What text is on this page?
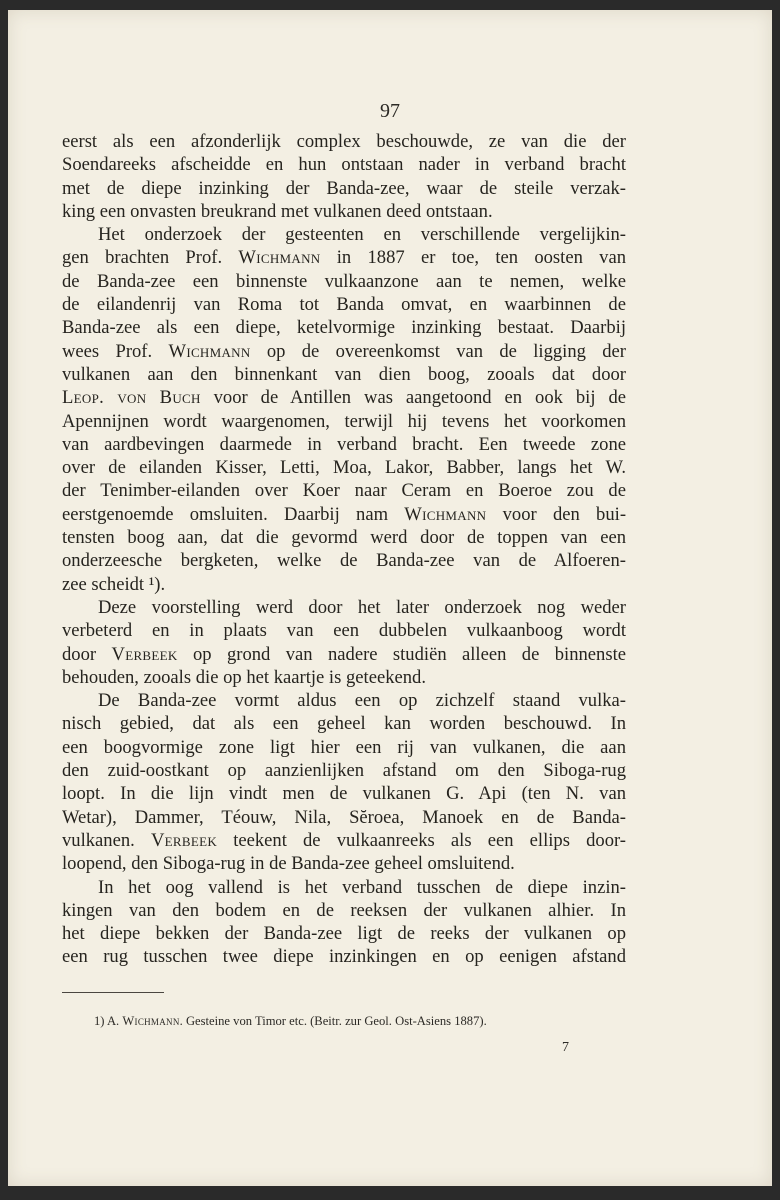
97

eerst als een afzonderlijk complex beschouwde, ze van die der
Soendareeks afscheidde en hun ontstaan nader in verband bracht
met de diepe inzinking der Banda-zee, waar de steile verzak-
king een onvasten breukrand met vulkanen deed ontstaan.

Het onderzoek der gesteenten en verschillende vergelijkin-
gen brachten Prof. Wichmann in 1887 er toe, ten oosten van
de Banda-zee een binnenste vulkaanzone aan te nemen, welke
de eilandenrij van Roma tot Banda omvat, en waarbinnen de
Banda-zee als een diepe, ketelvormige inzinking bestaat. Daarbij
wees Prof. Wichmann op de overeenkomst van de ligging der
vulkanen aan den binnenkant van dien boog, zooals dat door
Leop. von Buch voor de Antillen was aangetoond en ook bij de
Apennijnen wordt waargenomen, terwijl hij tevens het voorkomen
van aardbevingen daarmede in verband bracht. Een tweede zone
over de eilanden Kisser, Letti, Moa, Lakor, Babber, langs het W.
der Tenimber-eilanden over Koer naar Ceram en Boeroe zou de
eerstgenoemde omsluiten. Daarbij nam Wichmann voor den bui-
tensten boog aan, dat die gevormd werd door de toppen van een
onderzeesche bergketen, welke de Banda-zee van de Alfoeren-
zee scheidt ¹).

Deze voorstelling werd door het later onderzoek nog weder
verbeterd en in plaats van een dubbelen vulkaanboog wordt
door Verbeek op grond van nadere studiën alleen de binnenste
behouden, zooals die op het kaartje is geteekend.

De Banda-zee vormt aldus een op zichzelf staand vulka-
nisch gebied, dat als een geheel kan worden beschouwd. In
een boogvormige zone ligt hier een rij van vulkanen, die aan
den zuid-oostkant op aanzienlijken afstand om den Siboga-rug
loopt. In die lijn vindt men de vulkanen G. Api (ten N. van
Wetar), Dammer, Téouw, Nila, Sĕroea, Manoek en de Banda-
vulkanen. Verbeek teekent de vulkaanreeks als een ellips door-
loopend, den Siboga-rug in de Banda-zee geheel omsluitend.

In het oog vallend is het verband tusschen de diepe inzin-
kingen van den bodem en de reeksen der vulkanen alhier. In
het diepe bekken der Banda-zee ligt de reeks der vulkanen op
een rug tusschen twee diepe inzinkingen en op eenigen afstand

1) A. Wichmann. Gesteine von Timor etc. (Beitr. zur Geol. Ost-Asiens 1887).
7
